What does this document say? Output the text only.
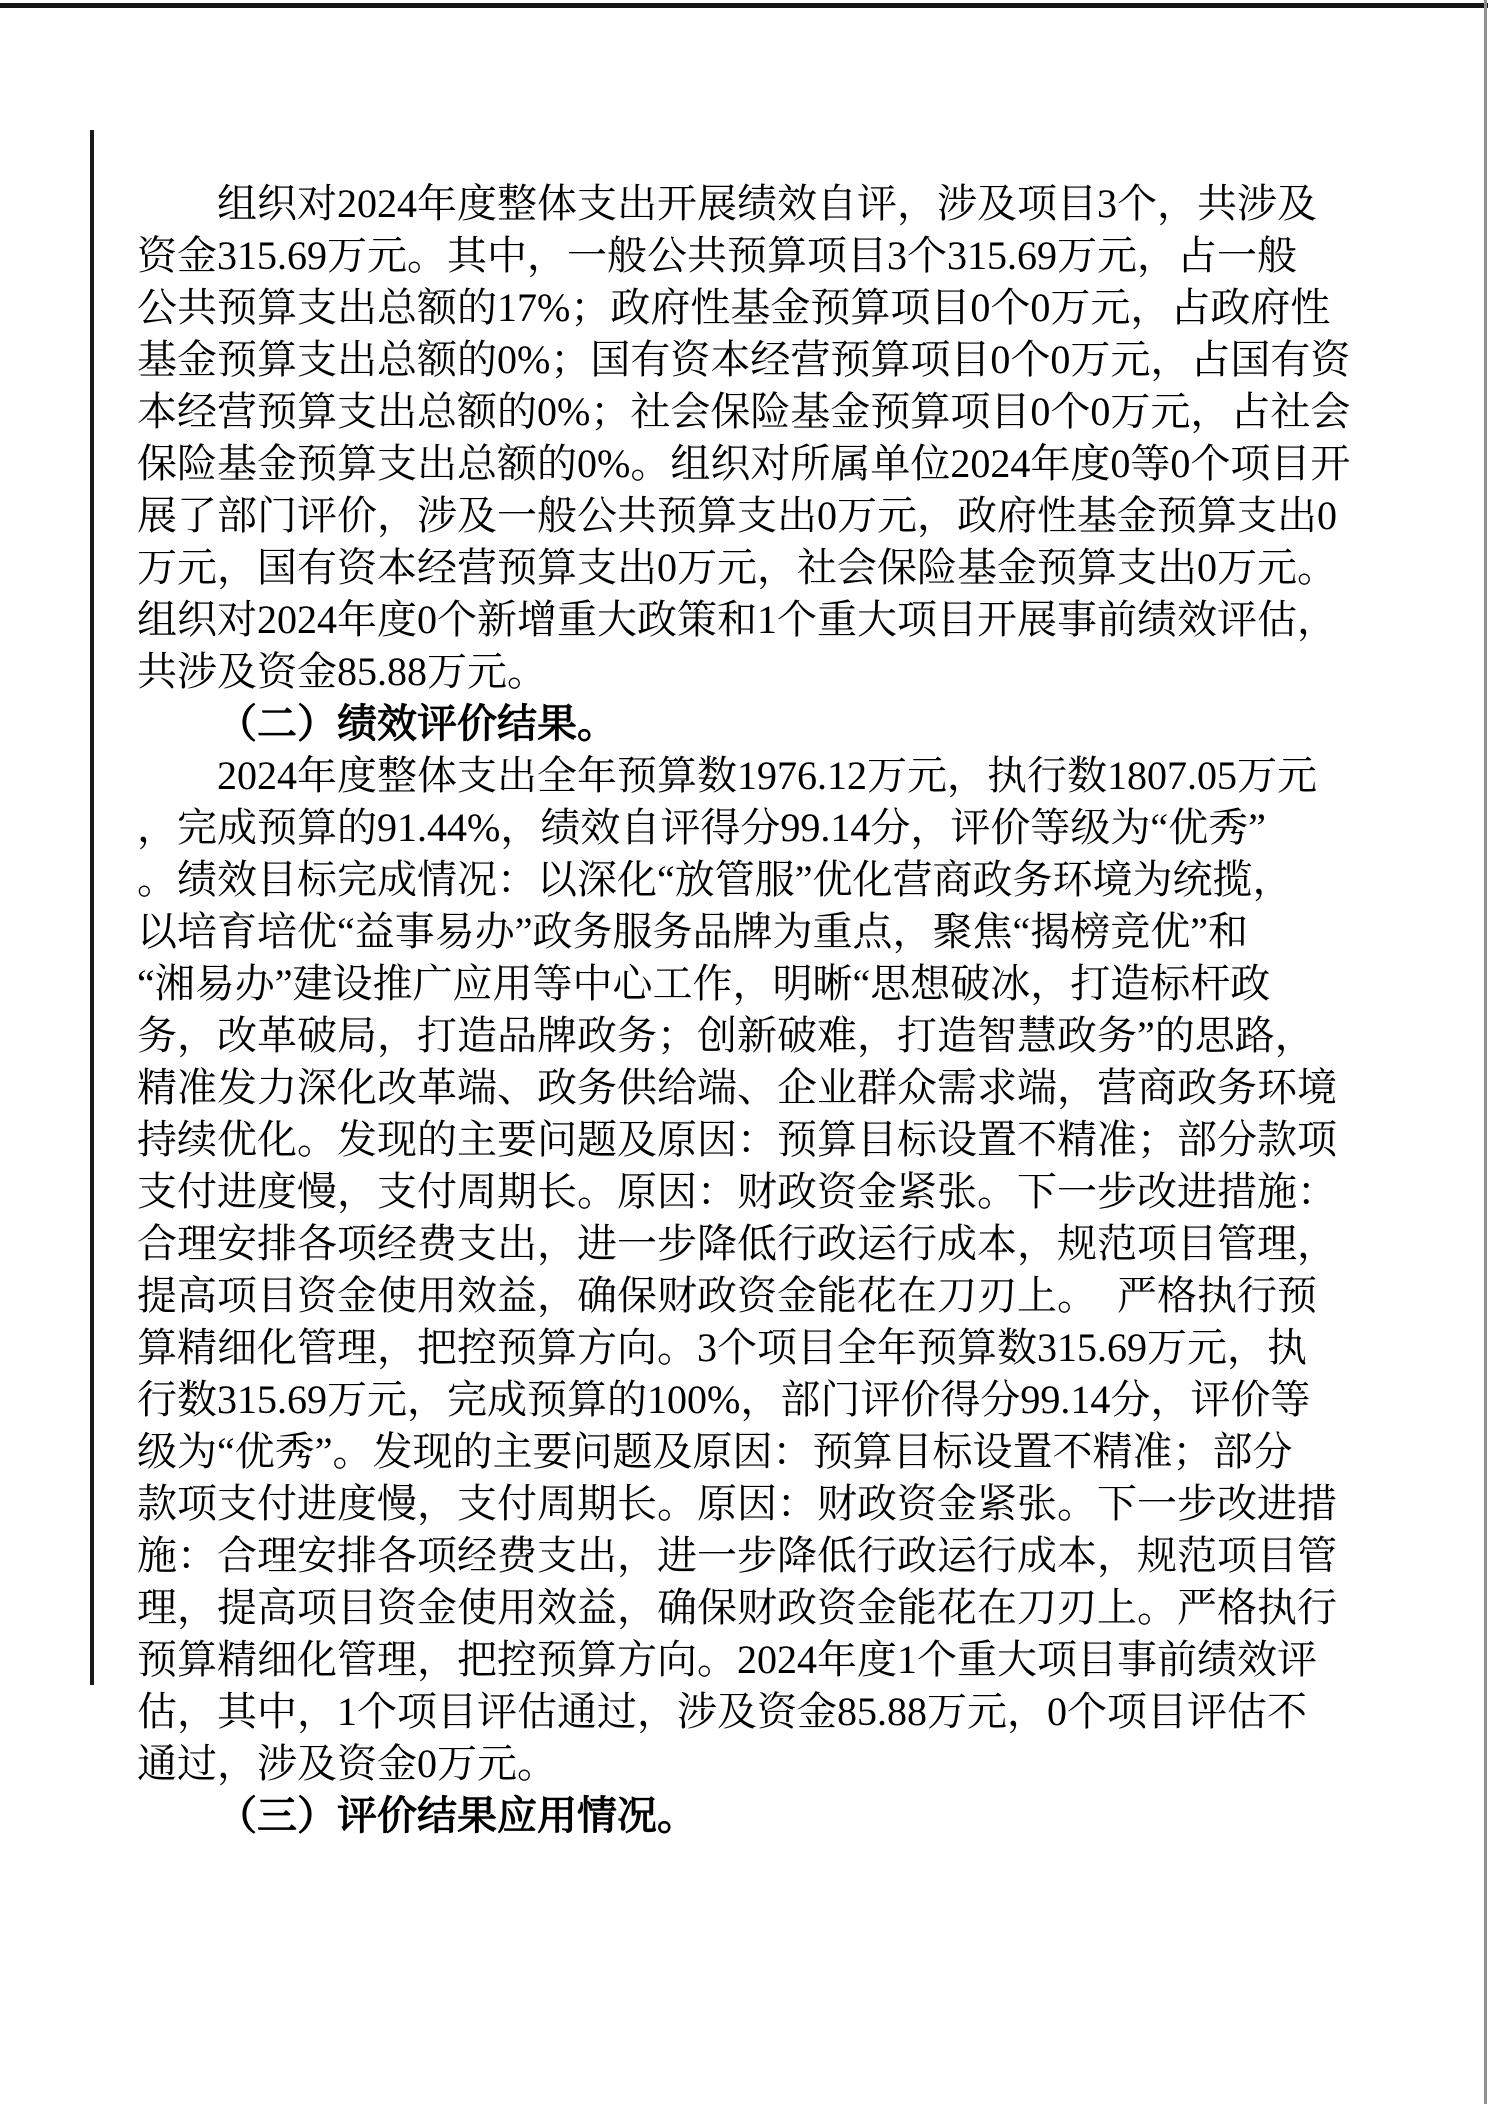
组织对2024年度整体支出开展绩效自评，涉及项目3个，共涉及
资金315.69万元。其中，一般公共预算项目3个315.69万元，占一般
公共预算支出总额的17%；政府性基金预算项目0个0万元，占政府性
基金预算支出总额的0%；国有资本经营预算项目0个0万元，占国有资
本经营预算支出总额的0%；社会保险基金预算项目0个0万元，占社会
保险基金预算支出总额的0%。组织对所属单位2024年度0等0个项目开
展了部门评价，涉及一般公共预算支出0万元，政府性基金预算支出0
万元，国有资本经营预算支出0万元，社会保险基金预算支出0万元。
组织对2024年度0个新增重大政策和1个重大项目开展事前绩效评估，
共涉及资金85.88万元。
（二）绩效评价结果。
2024年度整体支出全年预算数1976.12万元，执行数1807.05万元
，完成预算的91.44%，绩效自评得分99.14分，评价等级为“优秀”
。绩效目标完成情况：以深化“放管服”优化营商政务环境为统揽，
以培育培优“益事易办”政务服务品牌为重点，聚焦“揭榜竞优”和
“湘易办”建设推广应用等中心工作，明晰“思想破冰，打造标杆政
务，改革破局，打造品牌政务；创新破难，打造智慧政务”的思路，
精准发力深化改革端、政务供给端、企业群众需求端，营商政务环境
持续优化。发现的主要问题及原因：预算目标设置不精准；部分款项
支付进度慢，支付周期长。原因：财政资金紧张。下一步改进措施：
合理安排各项经费支出，进一步降低行政运行成本，规范项目管理，
提高项目资金使用效益，确保财政资金能花在刀刃上。　严格执行预
算精细化管理，把控预算方向。3个项目全年预算数315.69万元，执
行数315.69万元，完成预算的100%，部门评价得分99.14分，评价等
级为“优秀”。发现的主要问题及原因：预算目标设置不精准；部分
款项支付进度慢，支付周期长。原因：财政资金紧张。下一步改进措
施：合理安排各项经费支出，进一步降低行政运行成本，规范项目管
理，提高项目资金使用效益，确保财政资金能花在刀刃上。严格执行
预算精细化管理，把控预算方向。2024年度1个重大项目事前绩效评
估，其中，1个项目评估通过，涉及资金85.88万元，0个项目评估不
通过，涉及资金0万元。
（三）评价结果应用情况。
